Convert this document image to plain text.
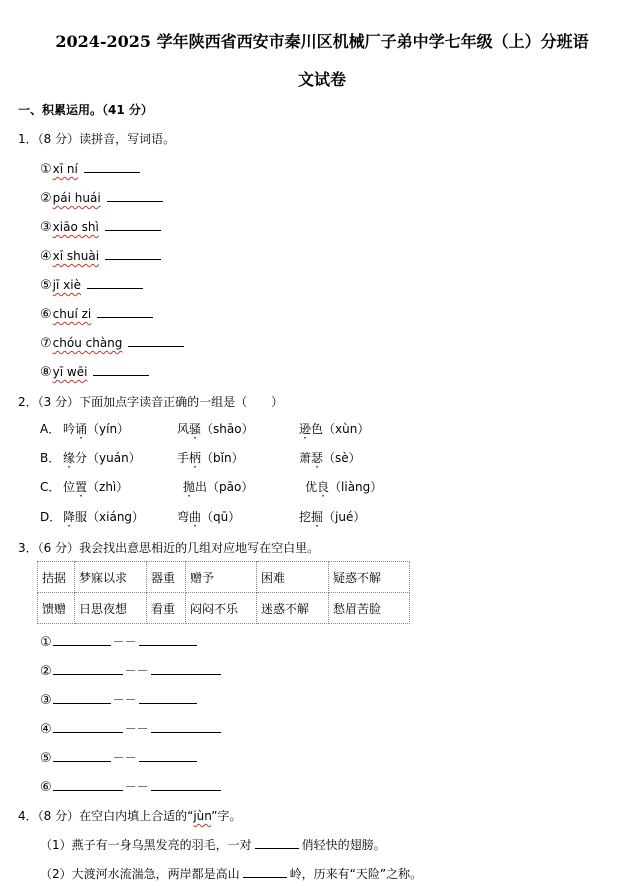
2024-2025 学年陕西省西安市秦川区机械厂子弟中学七年级（上）分班语
文试卷
一、积累运用。（41 分）
1．（8 分）读拼音，写词语。
①xī ní
②pái huái
③xiāo shì
④xī shuài
⑤jī xiè
⑥chuí zi
⑦chóu chàng
⑧yī wēi
2．（3 分）下面加点字读音正确的一组是（　　）
A． 吟诵（yín）	风骚（shāo）	逊色（xùn）
B． 缘分（yuán）	手柄（bǐn）	萧瑟（sè）
C． 位置（zhì）	抛出（pāo）	优良（liàng）
D． 降服（xiáng）	弯曲（qū）	挖掘（jué）
3．（6 分）我会找出意思相近的几组对应地写在空白里。
拮据	梦寐以求	器重	赠予	困难	疑惑不解
馈赠	日思夜想	看重	闷闷不乐	迷惑不解	愁眉苦脸
①	－－
②	－－
③	－－
④	－－
⑤	－－
⑥	－－
4．（8 分）在空白内填上合适的“jùn”字。
（1）燕子有一身乌黑发亮的羽毛，一对	俏轻快的翅膀。
（2）大渡河水流湍急，两岸都是高山	岭，历来有“天险”之称。
